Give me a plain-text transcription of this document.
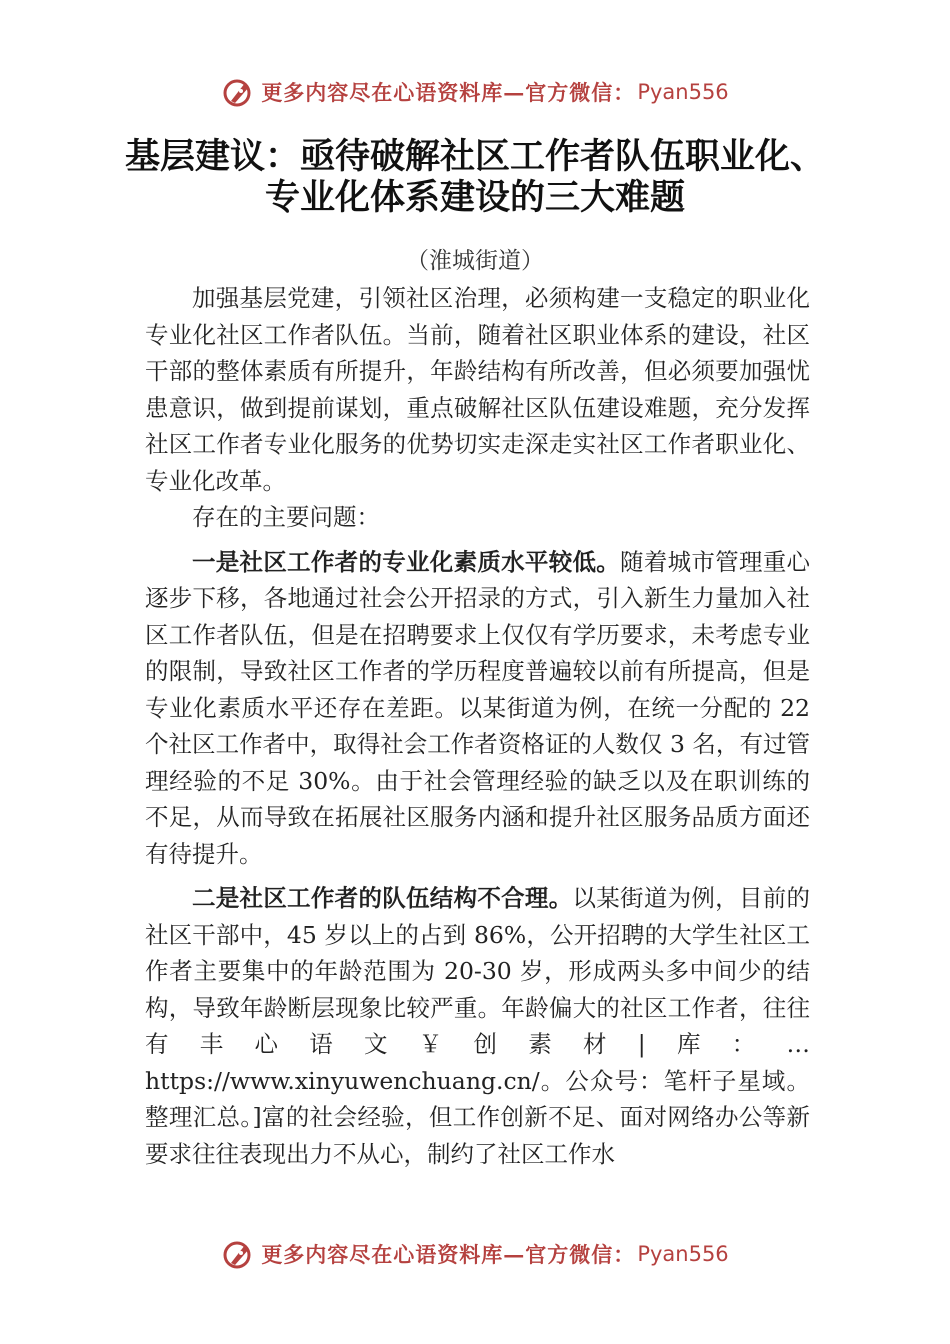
更多内容尽在心语资料库—官方微信： Pyan556
基层建议：亟待破解社区工作者队伍职业化、专业化体系建设的三大难题
（淮城街道）

加强基层党建，引领社区治理，必须构建一支稳定的职业化专业化社区工作者队伍。当前，随着社区职业体系的建设，社区干部的整体素质有所提升，年龄结构有所改善，但必须要加强忧患意识，做到提前谋划，重点破解社区队伍建设难题，充分发挥社区工作者专业化服务的优势切实走深走实社区工作者职业化、专业化改革。

存在的主要问题：

一是社区工作者的专业化素质水平较低。随着城市管理重心逐步下移，各地通过社会公开招录的方式，引入新生力量加入社区工作者队伍，但是在招聘要求上仅仅有学历要求，未考虑专业的限制，导致社区工作者的学历程度普遍较以前有所提高，但是专业化素质水平还存在差距。以某街道为例，在统一分配的 22 个社区工作者中，取得社会工作者资格证的人数仅 3 名，有过管理经验的不足 30%。由于社会管理经验的缺乏以及在职训练的不足，从而导致在拓展社区服务内涵和提升社区服务品质方面还有待提升。

二是社区工作者的队伍结构不合理。以某街道为例，目前的社区干部中，45 岁以上的占到 86%，公开招聘的大学生社区工作者主要集中的年龄范围为 20-30 岁，形成两头多中间少的结构，导致年龄断层现象比较严重。年龄偏大的社区工作者，往往有丰心语文￥创素材|库：…https://www.xinyuwenchuang.cn/。公众号：笔杆子星域。整理汇总。]富的社会经验，但工作创新不足、面对网络办公等新要求往往表现出力不从心，制约了社区工作水

更多内容尽在心语资料库—官方微信： Pyan556
